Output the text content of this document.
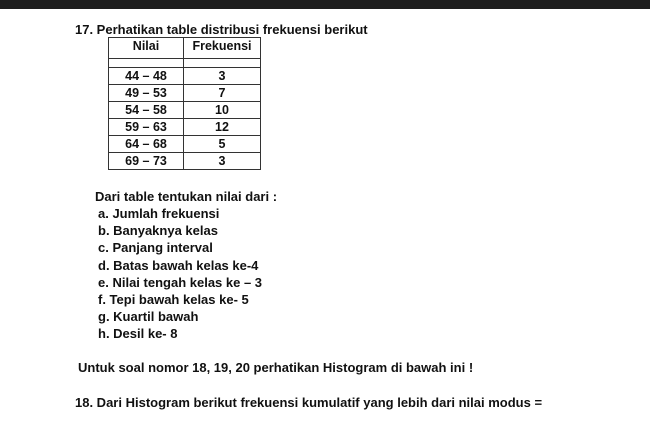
17. Perhatikan table distribusi frekuensi berikut
Nilai	Frekuensi

44 – 48	3
49 – 53	7
54 – 58	10
59 – 63	12
64 – 68	5
69 – 73	3
Dari table tentukan nilai dari :
a. Jumlah frekuensi
b. Banyaknya kelas
c. Panjang interval
d. Batas bawah kelas ke-4
e. Nilai tengah kelas ke – 3
f. Tepi bawah kelas ke- 5
g. Kuartil bawah
h. Desil ke- 8
Untuk soal nomor 18, 19, 20 perhatikan Histogram di bawah ini !
18. Dari Histogram berikut frekuensi kumulatif yang lebih dari nilai modus =
